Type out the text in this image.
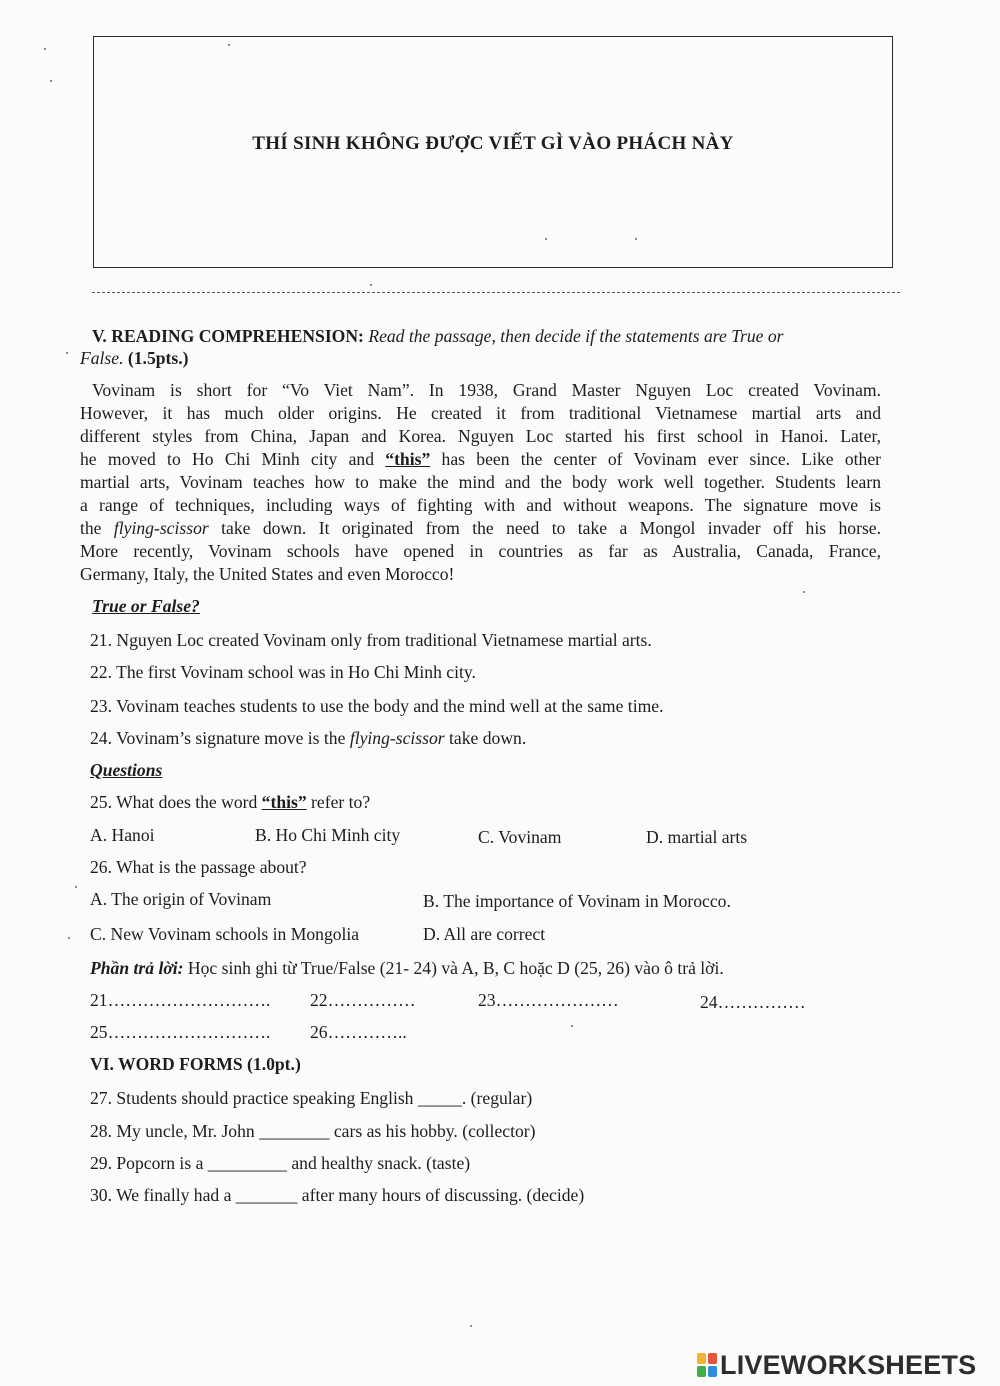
THÍ SINH KHÔNG ĐƯỢC VIẾT GÌ VÀO PHÁCH NÀY
V. READING COMPREHENSION: Read the passage, then decide if the statements are True or
False. (1.5pts.)
Vovinam is short for “Vo Viet Nam”. In 1938, Grand Master Nguyen Loc created Vovinam.
However, it has much older origins. He created it from traditional Vietnamese martial arts and
different styles from China, Japan and Korea. Nguyen Loc started his first school in Hanoi. Later,
he moved to Ho Chi Minh city and “this” has been the center of Vovinam ever since. Like other
martial arts, Vovinam teaches how to make the mind and the body work well together. Students learn
a range of techniques, including ways of fighting with and without weapons. The signature move is
the flying-scissor take down. It originated from the need to take a Mongol invader off his horse.
More recently, Vovinam schools have opened in countries as far as Australia, Canada, France,
Germany, Italy, the United States and even Morocco!
True or False?
21. Nguyen Loc created Vovinam only from traditional Vietnamese martial arts.
22. The first Vovinam school was in Ho Chi Minh city.
23. Vovinam teaches students to use the body and the mind well at the same time.
24. Vovinam’s signature move is the flying-scissor take down.
Questions
25. What does the word “this” refer to?
A. Hanoi	B. Ho Chi Minh city	C. Vovinam	D. martial arts
26. What is the passage about?
A. The origin of Vovinam	B. The importance of Vovinam in Morocco.
C. New Vovinam schools in Mongolia	D. All are correct
Phần trả lời: Học sinh ghi từ True/False (21- 24) và A, B, C hoặc D (25, 26) vào ô trả lời.
21………………………. 22……………	23…………………	24……………
25………………………. 26…………..
VI. WORD FORMS (1.0pt.)
27. Students should practice speaking English _____. (regular)
28. My uncle, Mr. John ________ cars as his hobby. (collector)
29. Popcorn is a _________ and healthy snack. (taste)
30. We finally had a _______ after many hours of discussing. (decide)
LIVEWORKSHEETS
